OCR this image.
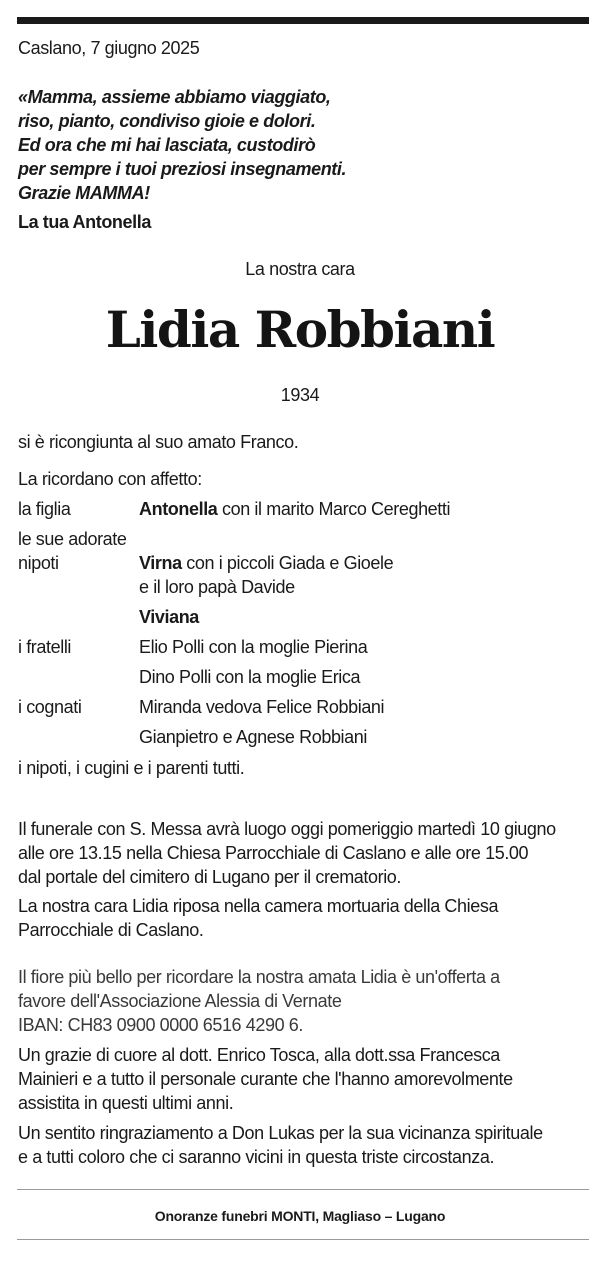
Caslano, 7 giugno 2025
«Mamma, assieme abbiamo viaggiato,
riso, pianto, condiviso gioie e dolori.
Ed ora che mi hai lasciata, custodirò
per sempre i tuoi preziosi insegnamenti.
Grazie MAMMA!
La tua Antonella
La nostra cara
Lidia Robbiani
1934
si è ricongiunta al suo amato Franco.
La ricordano con affetto:
la figlia	Antonella con il marito Marco Cereghetti
le sue adorate
nipoti	Virna con i piccoli Giada e Gioele
e il loro papà Davide
Viviana
i fratelli	Elio Polli con la moglie Pierina
Dino Polli con la moglie Erica
i cognati	Miranda vedova Felice Robbiani
Gianpietro e Agnese Robbiani
i nipoti, i cugini e i parenti tutti.
Il funerale con S. Messa avrà luogo oggi pomeriggio martedì 10 giugno
alle ore 13.15 nella Chiesa Parrocchiale di Caslano e alle ore 15.00
dal portale del cimitero di Lugano per il crematorio.
La nostra cara Lidia riposa nella camera mortuaria della Chiesa
Parrocchiale di Caslano.
Il fiore più bello per ricordare la nostra amata Lidia è un'offerta a
favore dell'Associazione Alessia di Vernate
IBAN: CH83 0900 0000 6516 4290 6.
Un grazie di cuore al dott. Enrico Tosca, alla dott.ssa Francesca
Mainieri e a tutto il personale curante che l'hanno amorevolmente
assistita in questi ultimi anni.
Un sentito ringraziamento a Don Lukas per la sua vicinanza spirituale
e a tutti coloro che ci saranno vicini in questa triste circostanza.
Onoranze funebri MONTI, Magliaso – Lugano
